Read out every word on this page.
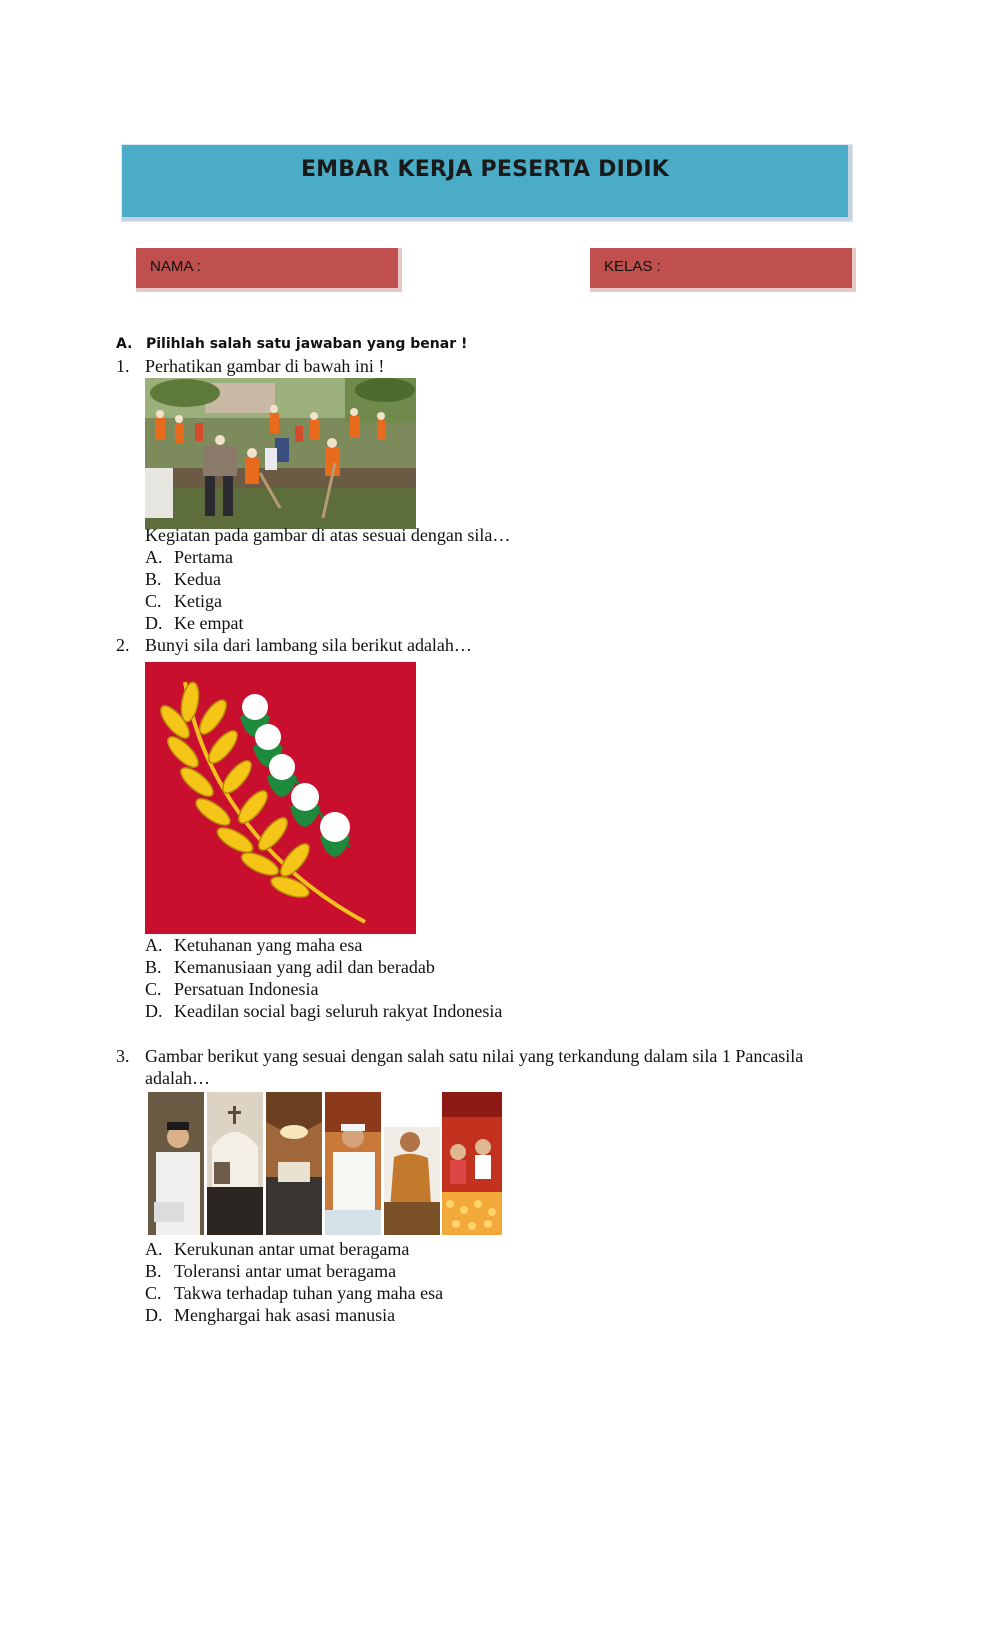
EMBAR KERJA PESERTA DIDIK
NAMA :	KELAS :
A. Pilihlah salah satu jawaban yang benar !
1. Perhatikan gambar di bawah ini !
Kegiatan pada gambar di atas sesuai dengan sila…
A. Pertama
B. Kedua
C. Ketiga
D. Ke empat
2. Bunyi sila dari lambang sila berikut adalah…
A. Ketuhanan yang maha esa
B. Kemanusiaan yang adil dan beradab
C. Persatuan Indonesia
D. Keadilan social bagi seluruh rakyat Indonesia
3. Gambar berikut yang sesuai dengan salah satu nilai yang terkandung dalam sila 1 Pancasila
adalah…
A. Kerukunan antar umat beragama
B. Toleransi antar umat beragama
C. Takwa terhadap tuhan yang maha esa
D. Menghargai hak asasi manusia
